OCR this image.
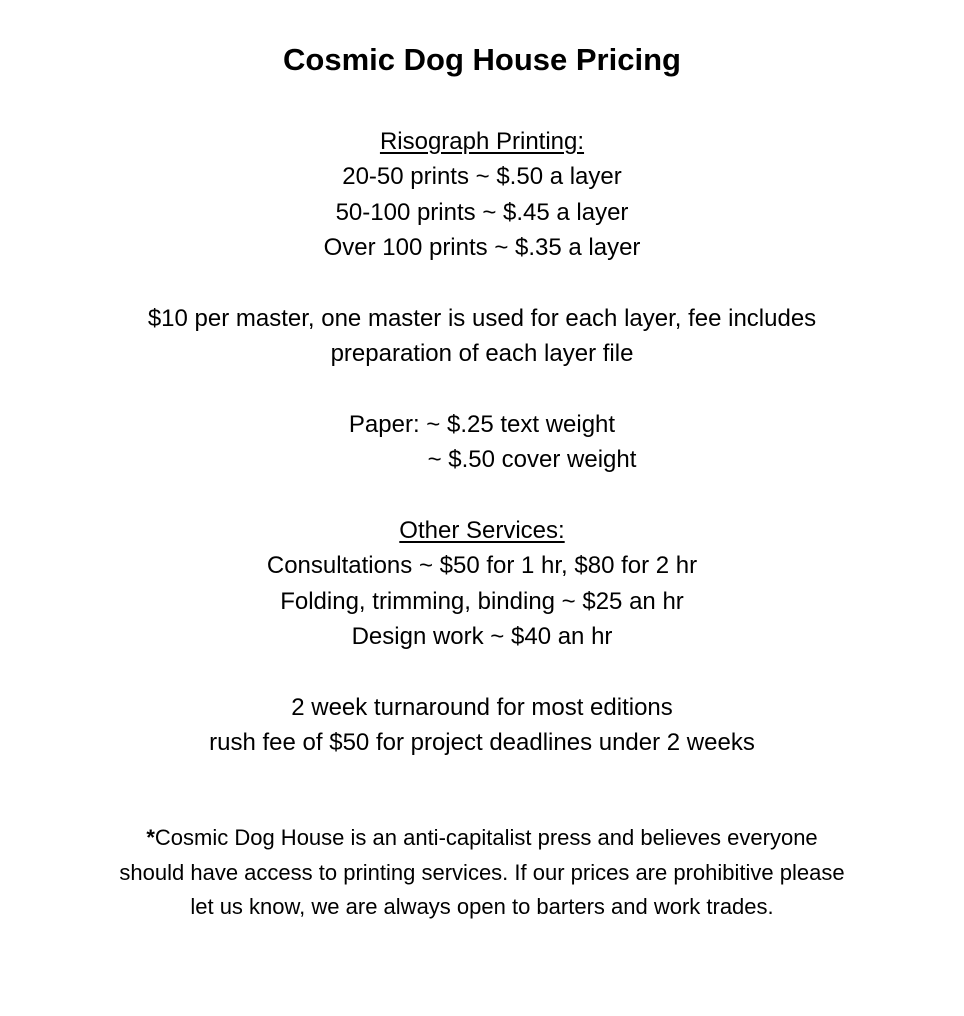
Cosmic Dog House Pricing
Risograph Printing:
20-50 prints ~ $.50 a layer
50-100 prints ~ $.45 a layer
Over 100 prints ~ $.35 a layer
$10 per master, one master is used for each layer, fee includes
preparation of each layer file
Paper: ~ $.25 text weight
~ $.50 cover weight
Other Services:
Consultations ~ $50 for 1 hr, $80 for 2 hr
Folding, trimming, binding ~ $25 an hr
Design work ~ $40 an hr
2 week turnaround for most editions
rush fee of $50 for project deadlines under 2 weeks
*Cosmic Dog House is an anti-capitalist press and believes everyone
should have access to printing services. If our prices are prohibitive please
let us know, we are always open to barters and work trades.
